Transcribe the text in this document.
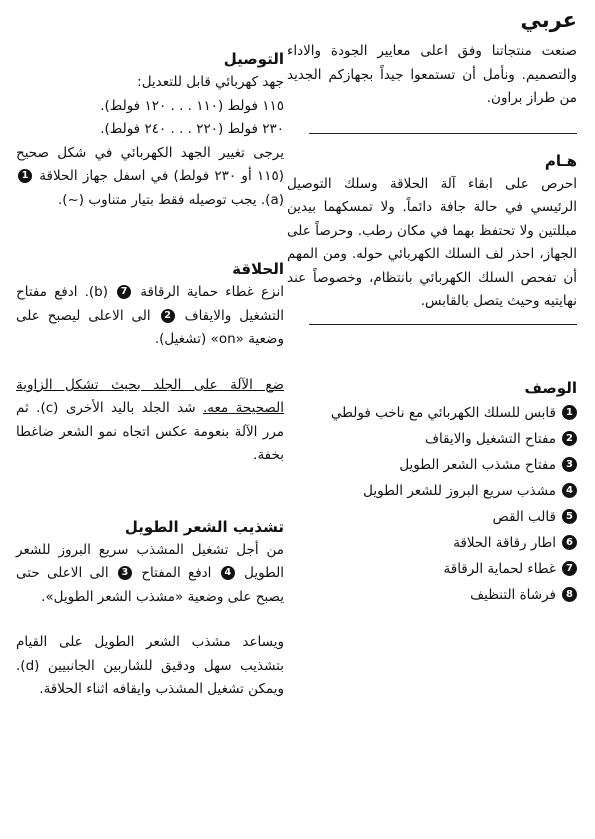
عربي

صنعت منتجاتنا وفق اعلى معايير الجودة والاداء والتصميم. ونأمل أن تستمعوا جيداً بجهازكم الجديد من طراز براون.

هـام

احرص على ابقاء آلة الحلاقة وسلك التوصيل الرئيسي في حالة جافة دائماً. ولا تمسكهما بيدين مبللتين ولا تحتفظ بهما في مكان رطب. وحرصاً على الجهاز، احذر لف السلك الكهربائي حوله. ومن المهم أن تفحص السلك الكهربائي بانتظام، وخصوصاً عند نهايتيه وحيث يتصل بالقابس.

الوصف
1
قابس للسلك الكهربائي مع ناخب فولطي
2
مفتاح التشغيل والايقاف
3
مفتاح مشذب الشعر الطويل
4
مشذب سريع البروز للشعر الطويل
5
قالب القص
6
اطار رقاقة الحلاقة
7
غطاء لحماية الرقاقة
8
فرشاة التنظيف
التوصيل

جهد كهربائي قابل للتعديل:

١١٥ فولط (١١٠ . . . ١٢٠ فولط).

٢٣٠ فولط (٢٢٠ . . . ٢٤٠ فولط).

يرجى تغيير الجهد الكهربائي في شكل صحيح (١١٥ أو ٢٣٠ فولط) في اسفل جهاز الحلاقة 1 (a). يجب توصيله فقط بتيار متناوب (~).

الحلاقة

انزع غطاء حماية الرقاقة 7 (b). ادفع مفتاح التشغيل والايقاف 2 الى الاعلى ليصبح على وضعية «on» (تشغيل).

ضع الآلة على الجلد بحيث تشكل الزاوية الصحيحة معه. شد الجلد باليد الأخرى (c). ثم مرر الآلة بنعومة عكس اتجاه نمو الشعر ضاغطا بخفة.

تشذيب الشعر الطويل

من أجل تشغيل المشذب سريع البروز للشعر الطويل 4 ادفع المفتاح 3 الى الاعلى حتى يصبح على وضعية «مشذب الشعر الطويل».

ويساعد مشذب الشعر الطويل على القيام بتشذيب سهل ودقيق للشاربين الجانبيين (d). ويمكن تشغيل المشذب وايقافه اثناء الحلاقة.
